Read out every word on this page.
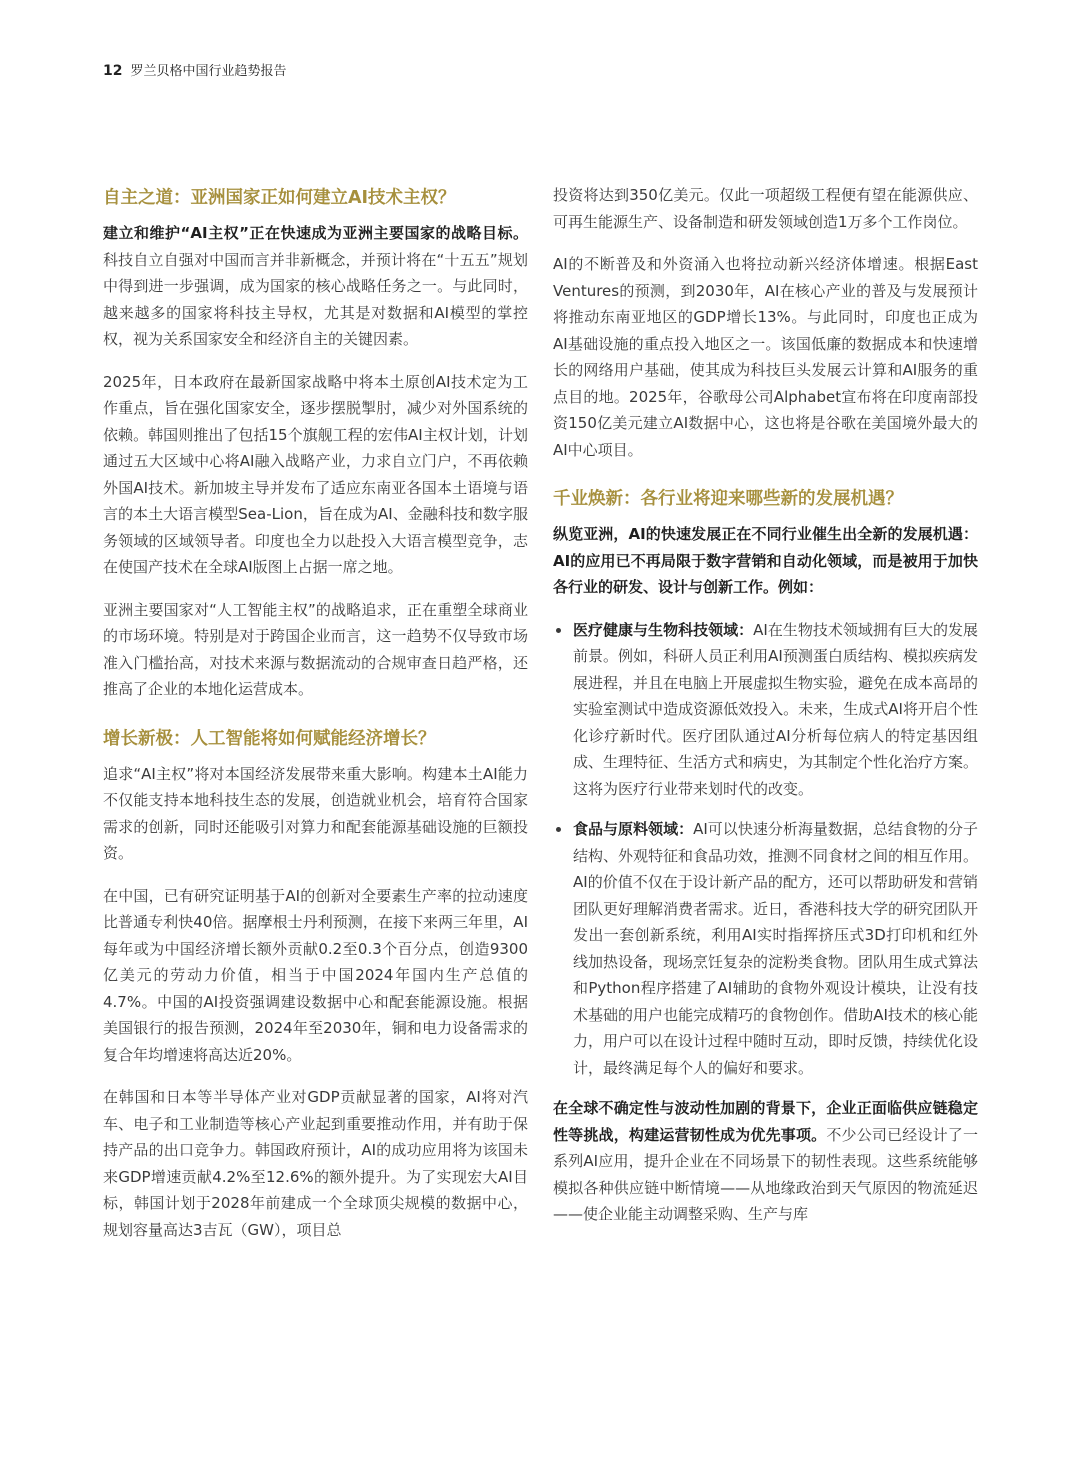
12 罗兰贝格中国行业趋势报告
自主之道：亚洲国家正如何建立AI技术主权？

建立和维护“AI主权”正在快速成为亚洲主要国家的战略目标。科技自立自强对中国而言并非新概念，并预计将在“十五五”规划中得到进一步强调，成为国家的核心战略任务之一。与此同时，越来越多的国家将科技主导权，尤其是对数据和AI模型的掌控权，视为关系国家安全和经济自主的关键因素。

2025年，日本政府在最新国家战略中将本土原创AI技术定为工作重点，旨在强化国家安全，逐步摆脱掣肘，减少对外国系统的依赖。韩国则推出了包括15个旗舰工程的宏伟AI主权计划，计划通过五大区域中心将AI融入战略产业，力求自立门户，不再依赖外国AI技术。新加坡主导并发布了适应东南亚各国本土语境与语言的本土大语言模型Sea-Lion，旨在成为AI、金融科技和数字服务领域的区域领导者。印度也全力以赴投入大语言模型竞争，志在使国产技术在全球AI版图上占据一席之地。

亚洲主要国家对“人工智能主权”的战略追求，正在重塑全球商业的市场环境。特别是对于跨国企业而言，这一趋势不仅导致市场准入门槛抬高，对技术来源与数据流动的合规审查日趋严格，还推高了企业的本地化运营成本。

增长新极：人工智能将如何赋能经济增长？

追求“AI主权”将对本国经济发展带来重大影响。构建本土AI能力不仅能支持本地科技生态的发展，创造就业机会，培育符合国家需求的创新，同时还能吸引对算力和配套能源基础设施的巨额投资。

在中国，已有研究证明基于AI的创新对全要素生产率的拉动速度比普通专利快40倍。据摩根士丹利预测，在接下来两三年里，AI每年或为中国经济增长额外贡献0.2至0.3个百分点，创造9300亿美元的劳动力价值，相当于中国2024年国内生产总值的4.7%。中国的AI投资强调建设数据中心和配套能源设施。根据美国银行的报告预测，2024年至2030年，铜和电力设备需求的复合年均增速将高达近20%。

在韩国和日本等半导体产业对GDP贡献显著的国家，AI将对汽车、电子和工业制造等核心产业起到重要推动作用，并有助于保持产品的出口竞争力。韩国政府预计，AI的成功应用将为该国未来GDP增速贡献4.2%至12.6%的额外提升。为了实现宏大AI目标，韩国计划于2028年前建成一个全球顶尖规模的数据中心，规划容量高达3吉瓦（GW），项目总

投资将达到350亿美元。仅此一项超级工程便有望在能源供应、可再生能源生产、设备制造和研发领域创造1万多个工作岗位。

AI的不断普及和外资涌入也将拉动新兴经济体增速。根据East Ventures的预测，到2030年，AI在核心产业的普及与发展预计将推动东南亚地区的GDP增长13%。与此同时，印度也正成为AI基础设施的重点投入地区之一。该国低廉的数据成本和快速增长的网络用户基础，使其成为科技巨头发展云计算和AI服务的重点目的地。2025年，谷歌母公司Alphabet宣布将在印度南部投资150亿美元建立AI数据中心，这也将是谷歌在美国境外最大的AI中心项目。

千业焕新：各行业将迎来哪些新的发展机遇？

纵览亚洲，AI的快速发展正在不同行业催生出全新的发展机遇：AI的应用已不再局限于数字营销和自动化领域，而是被用于加快各行业的研发、设计与创新工作。例如：

医疗健康与生物科技领域：AI在生物技术领域拥有巨大的发展前景。例如，科研人员正利用AI预测蛋白质结构、模拟疾病发展进程，并且在电脑上开展虚拟生物实验，避免在成本高昂的实验室测试中造成资源低效投入。未来，生成式AI将开启个性化诊疗新时代。医疗团队通过AI分析每位病人的特定基因组成、生理特征、生活方式和病史，为其制定个性化治疗方案。这将为医疗行业带来划时代的改变。
食品与原料领域：AI可以快速分析海量数据，总结食物的分子结构、外观特征和食品功效，推测不同食材之间的相互作用。AI的价值不仅在于设计新产品的配方，还可以帮助研发和营销团队更好理解消费者需求。近日，香港科技大学的研究团队开发出一套创新系统，利用AI实时指挥挤压式3D打印机和红外线加热设备，现场烹饪复杂的淀粉类食物。团队用生成式算法和Python程序搭建了AI辅助的食物外观设计模块，让没有技术基础的用户也能完成精巧的食物创作。借助AI技术的核心能力，用户可以在设计过程中随时互动，即时反馈，持续优化设计，最终满足每个人的偏好和要求。

在全球不确定性与波动性加剧的背景下，企业正面临供应链稳定性等挑战，构建运营韧性成为优先事项。不少公司已经设计了一系列AI应用，提升企业在不同场景下的韧性表现。这些系统能够模拟各种供应链中断情境——从地缘政治到天气原因的物流延迟——使企业能主动调整采购、生产与库
